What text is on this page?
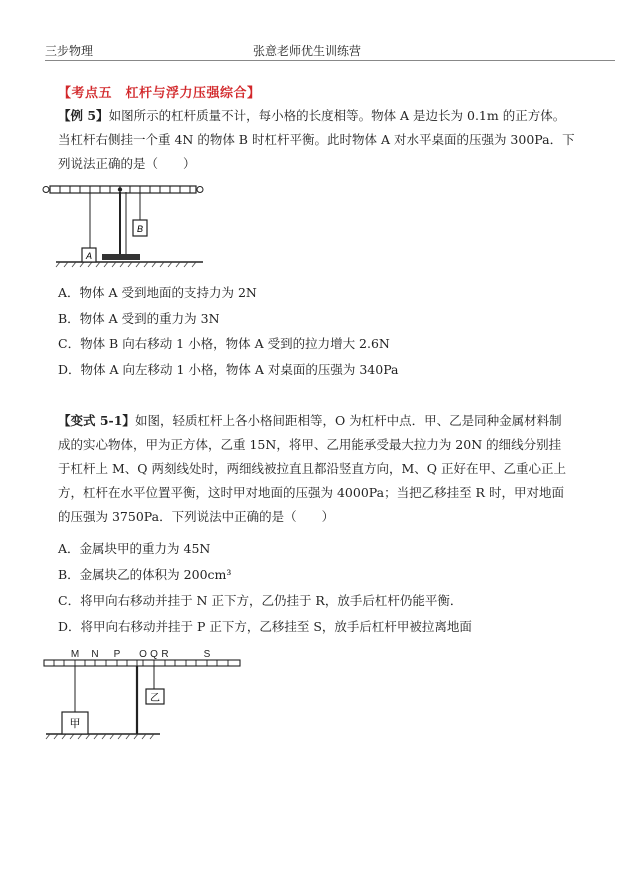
三步物理	张意老师优生训练营
【考点五　杠杆与浮力压强综合】
【例 5】如图所示的杠杆质量不计，每小格的长度相等。物体 A 是边长为 0.1m 的正方体。
当杠杆右侧挂一个重 4N 的物体 B 时杠杆平衡。此时物体 A 对水平桌面的压强为 300Pa．下
列说法正确的是（　　）
A
B
A．物体 A 受到地面的支持力为 2N
B．物体 A 受到的重力为 3N
C．物体 B 向右移动 1 小格，物体 A 受到的拉力增大 2.6N
D．物体 A 向左移动 1 小格，物体 A 对桌面的压强为 340Pa
【变式 5-1】如图，轻质杠杆上各小格间距相等，O 为杠杆中点．甲、乙是同种金属材料制
成的实心物体，甲为正方体，乙重 15N，将甲、乙用能承受最大拉力为 20N 的细线分别挂
于杠杆上 M、Q 两刻线处时，两细线被拉直且都沿竖直方向，M、Q 正好在甲、乙重心正上
方，杠杆在水平位置平衡，这时甲对地面的压强为 4000Pa；当把乙移挂至 R 时，甲对地面
的压强为 3750Pa．下列说法中正确的是（　　）
A．金属块甲的重力为 45N
B．金属块乙的体积为 200cm³
C．将甲向右移动并挂于 N 正下方，乙仍挂于 R，放手后杠杆仍能平衡．
D．将甲向右移动并挂于 P 正下方，乙移挂至 S，放手后杠杆甲被拉离地面
M N P O Q R	S
甲
乙
